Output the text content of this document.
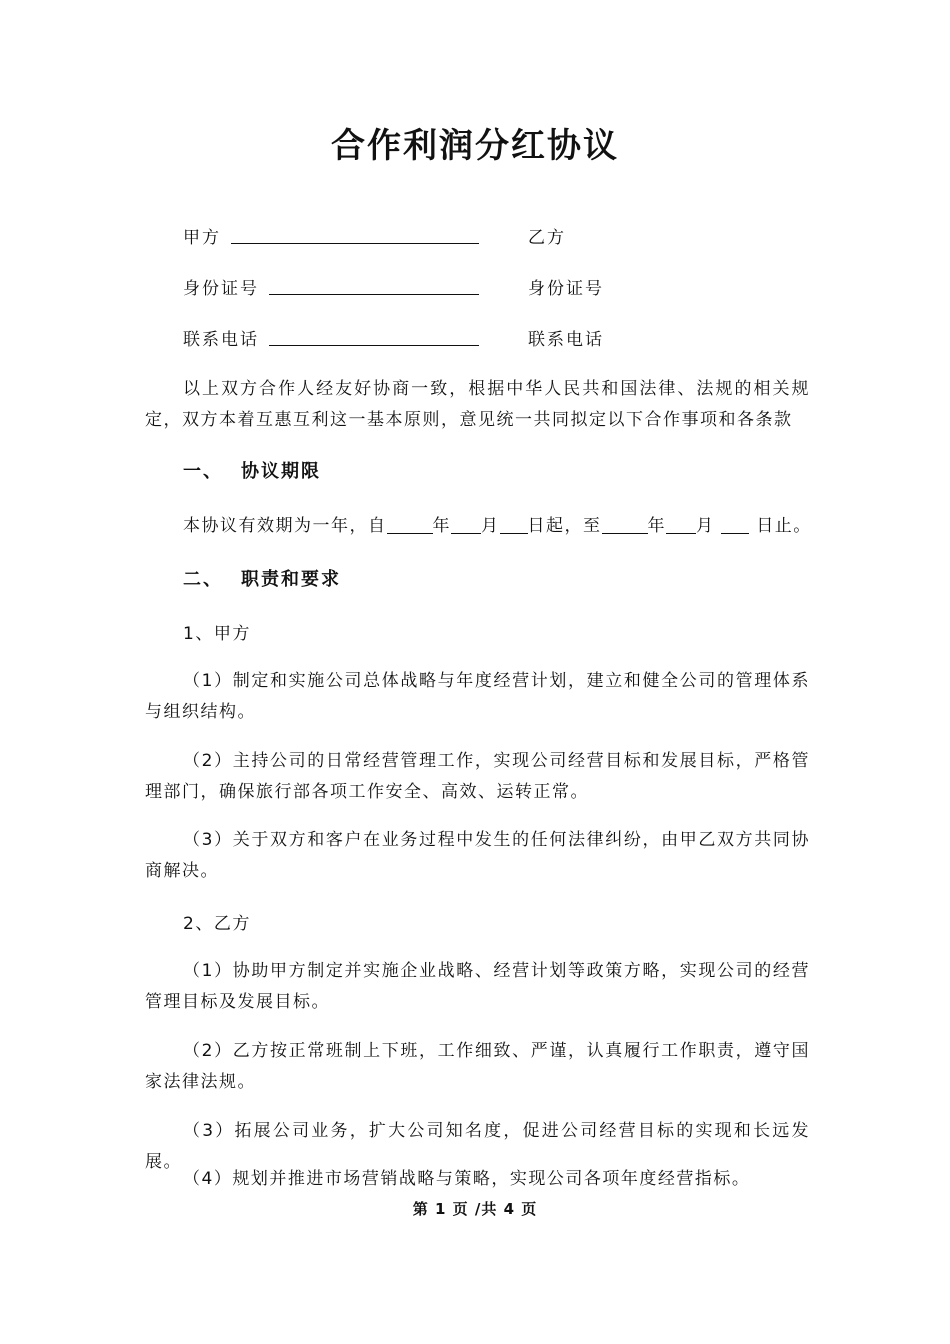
合作利润分红协议
甲方	乙方
身份证号	身份证号
联系电话	联系电话
以上双方合作人经友好协商一致，根据中华人民共和国法律、法规的相关规定，双方本着互惠互利这一基本原则，意见统一共同拟定以下合作事项和各条款
一、 协议期限
本协议有效期为一年，自	年 月 日起，至	年 月 日止。
二、 职责和要求
1、甲方
（1）制定和实施公司总体战略与年度经营计划，建立和健全公司的管理体系与组织结构。
（2）主持公司的日常经营管理工作，实现公司经营目标和发展目标，严格管理部门，确保旅行部各项工作安全、高效、运转正常。
（3）关于双方和客户在业务过程中发生的任何法律纠纷，由甲乙双方共同协商解决。
2、乙方
（1）协助甲方制定并实施企业战略、经营计划等政策方略，实现公司的经营管理目标及发展目标。
（2）乙方按正常班制上下班，工作细致、严谨，认真履行工作职责，遵守国家法律法规。
（3）拓展公司业务，扩大公司知名度，促进公司经营目标的实现和长远发展。
（4）规划并推进市场营销战略与策略，实现公司各项年度经营指标。
第 1 页 /共 4 页
